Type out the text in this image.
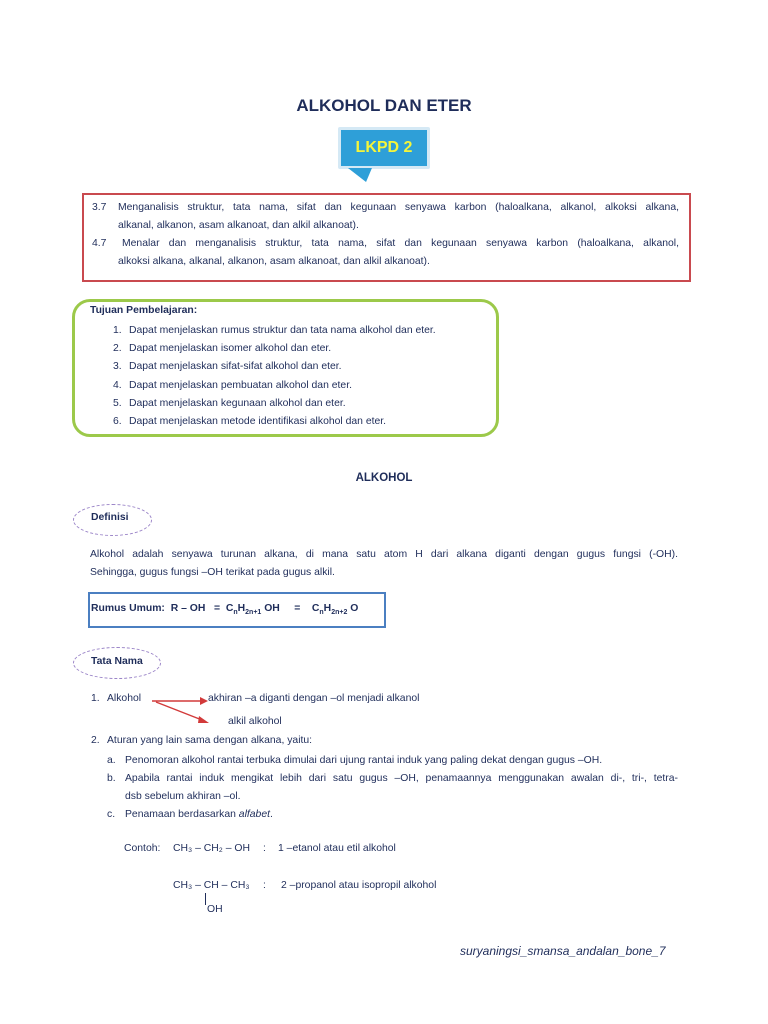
ALKOHOL DAN ETER
LKPD 2
3.7 Menganalisis struktur, tata nama, sifat dan kegunaan senyawa karbon (haloalkana, alkanol, alkoksi alkana,
alkanal, alkanon, asam alkanoat, dan alkil alkanoat).
4.7 Menalar dan menganalisis struktur, tata nama, sifat dan kegunaan senyawa karbon (haloalkana, alkanol,
alkoksi alkana, alkanal, alkanon, asam alkanoat, dan alkil alkanoat).
Tujuan Pembelajaran:
1. Dapat menjelaskan rumus struktur dan tata nama alkohol dan eter.
2. Dapat menjelaskan isomer alkohol dan eter.
3. Dapat menjelaskan sifat-sifat alkohol dan eter.
4. Dapat menjelaskan pembuatan alkohol dan eter.
5. Dapat menjelaskan kegunaan alkohol dan eter.
6. Dapat menjelaskan metode identifikasi alkohol dan eter.
ALKOHOL
Definisi
Alkohol adalah senyawa turunan alkana, di mana satu atom H dari alkana diganti dengan gugus fungsi (-OH).
Sehingga, gugus fungsi –OH terikat pada gugus alkil.
Rumus Umum: R – OH   = $C_nH_{2n+1}$ OH = $C_nH_{2n+2}$ O
Tata Nama
1. Alkohol	akhiran –a diganti dengan –ol menjadi alkanol
alkil alkohol
2. Aturan yang lain sama dengan alkana, yaitu:
a. Penomoran alkohol rantai terbuka dimulai dari ujung rantai induk yang paling dekat dengan gugus –OH.
b. Apabila rantai induk mengikat lebih dari satu gugus –OH, penamaannya menggunakan awalan di-, tri-, tetra-
dsb sebelum akhiran –ol.
c. Penamaan berdasarkan alfabet.
Contoh: CH₃ – CH₂ – OH : 1 –etanol atau etil alkohol
CH₃ – CH – CH₃ : 2 –propanol atau isopropil alkohol
OH
suryaningsi_smansa_andalan_bone_7
